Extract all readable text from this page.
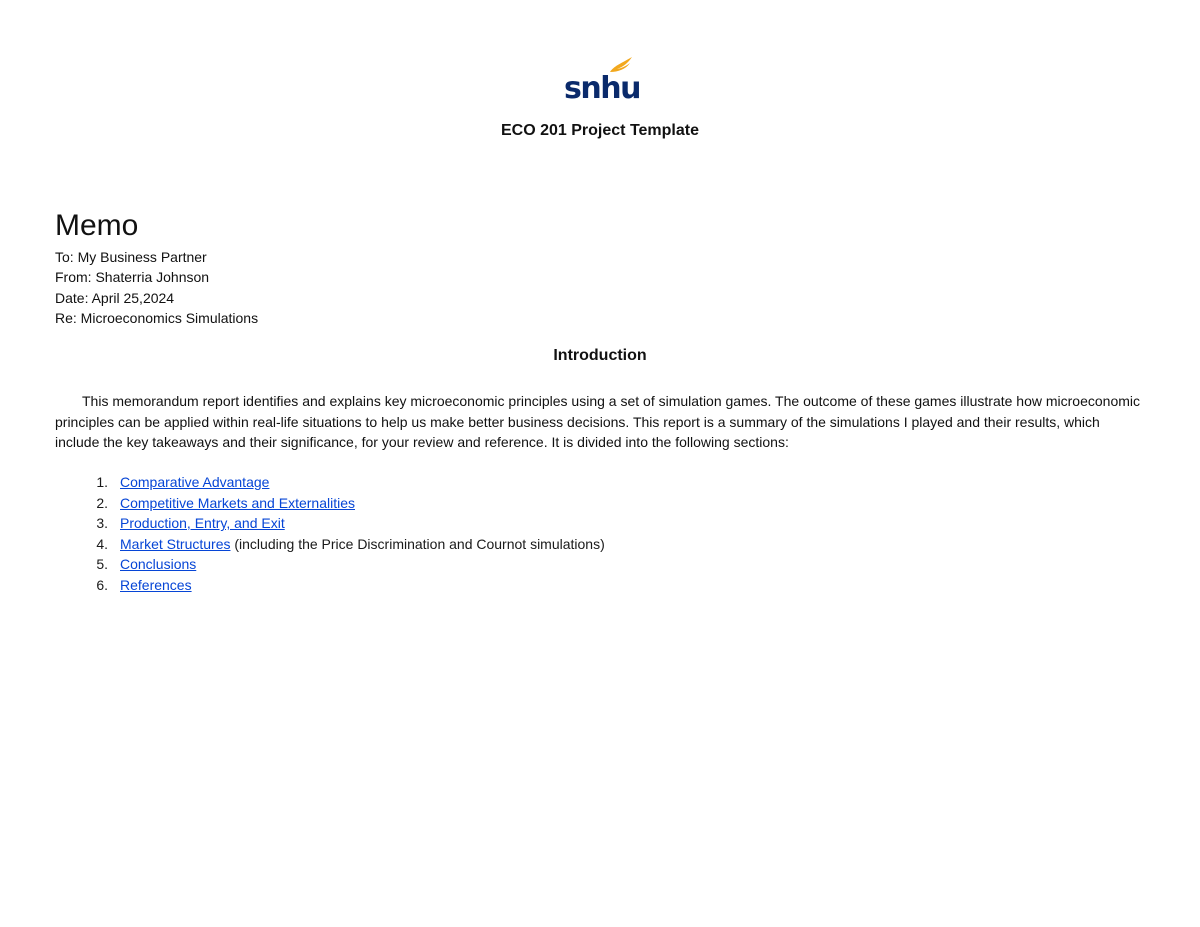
snhu
ECO 201 Project Template
Memo
To: My Business Partner
From: Shaterria Johnson
Date: April 25,2024
Re: Microeconomics Simulations
Introduction
This memorandum report identifies and explains key microeconomic principles using a set of simulation games. The outcome of these games illustrate how microeconomic principles can be applied within real-life situations to help us make better business decisions. This report is a summary of the simulations I played and their results, which include the key takeaways and their significance, for your review and reference. It is divided into the following sections:
1. Comparative Advantage
2. Competitive Markets and Externalities
3. Production, Entry, and Exit
4. Market Structures (including the Price Discrimination and Cournot simulations)
5. Conclusions
6. References
